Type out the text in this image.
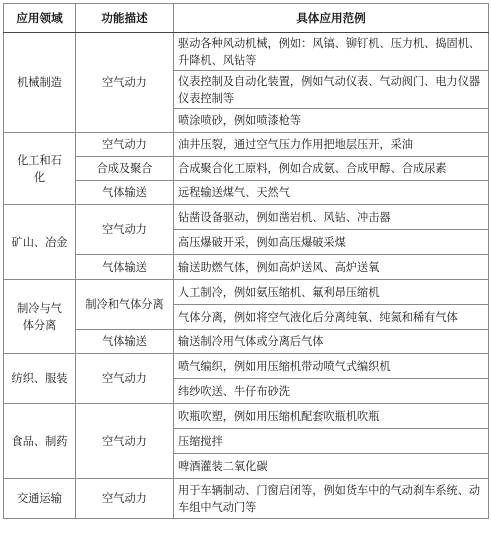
应用领域	功能描述	具体应用范例
机械制造	空气动力	驱动各种风动机械，例如：风镐、铆钉机、压力机、捣固机、升降机、风钻等
		仪表控制及自动化装置，例如气动仪表、气动阀门、电力仪器仪表控制等
		喷涂喷砂，例如喷漆枪等
化工和石化	空气动力	油井压裂，通过空气压力作用把地层压开，采油
	合成及聚合	合成聚合化工原料，例如合成氨、合成甲醇、合成尿素
	气体输送	远程输送煤气、天然气
矿山、冶金	空气动力	钻凿设备驱动，例如凿岩机、风钻、冲击器
		高压爆破开采，例如高压爆破采煤
	气体输送	输送助燃气体，例如高炉送风、高炉送氧
制冷与气体分离	制冷和气体分离	人工制冷，例如氨压缩机、氟利昂压缩机
		气体分离，例如将空气液化后分离纯氧、纯氮和稀有气体
	气体输送	输送制冷用气体或分离后气体
纺织、服装	空气动力	喷气编织，例如用压缩机带动喷气式编织机
		纬纱吹送、牛仔布砂洗
食品、制药	空气动力	吹瓶吹塑，例如用压缩机配套吹瓶机吹瓶
		压缩搅拌
		啤酒灌装二氧化碳
交通运输	空气动力	用于车辆制动、门窗启闭等，例如货车中的气动刹车系统、动车组中气动门等
